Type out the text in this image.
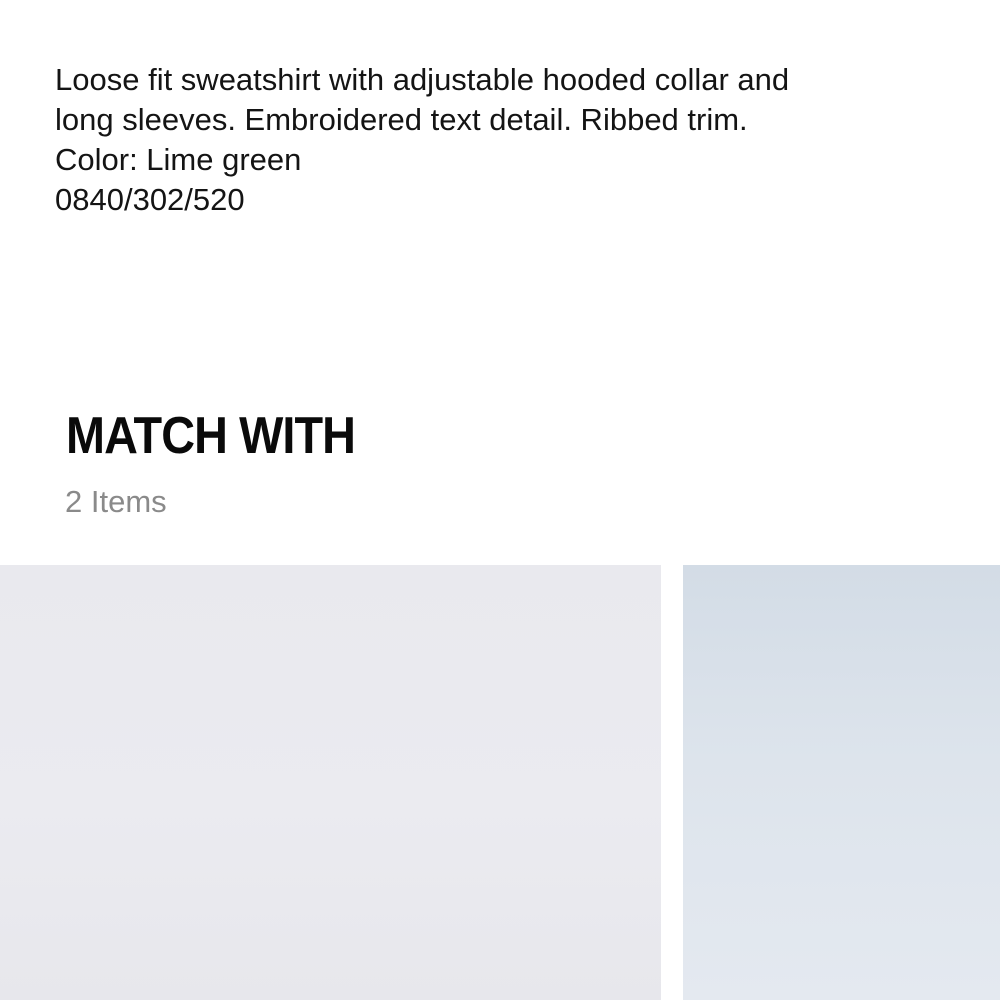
Loose fit sweatshirt with adjustable hooded collar and
long sleeves. Embroidered text detail. Ribbed trim.
Color: Lime green
0840/302/520
MATCH WITH
2 Items
